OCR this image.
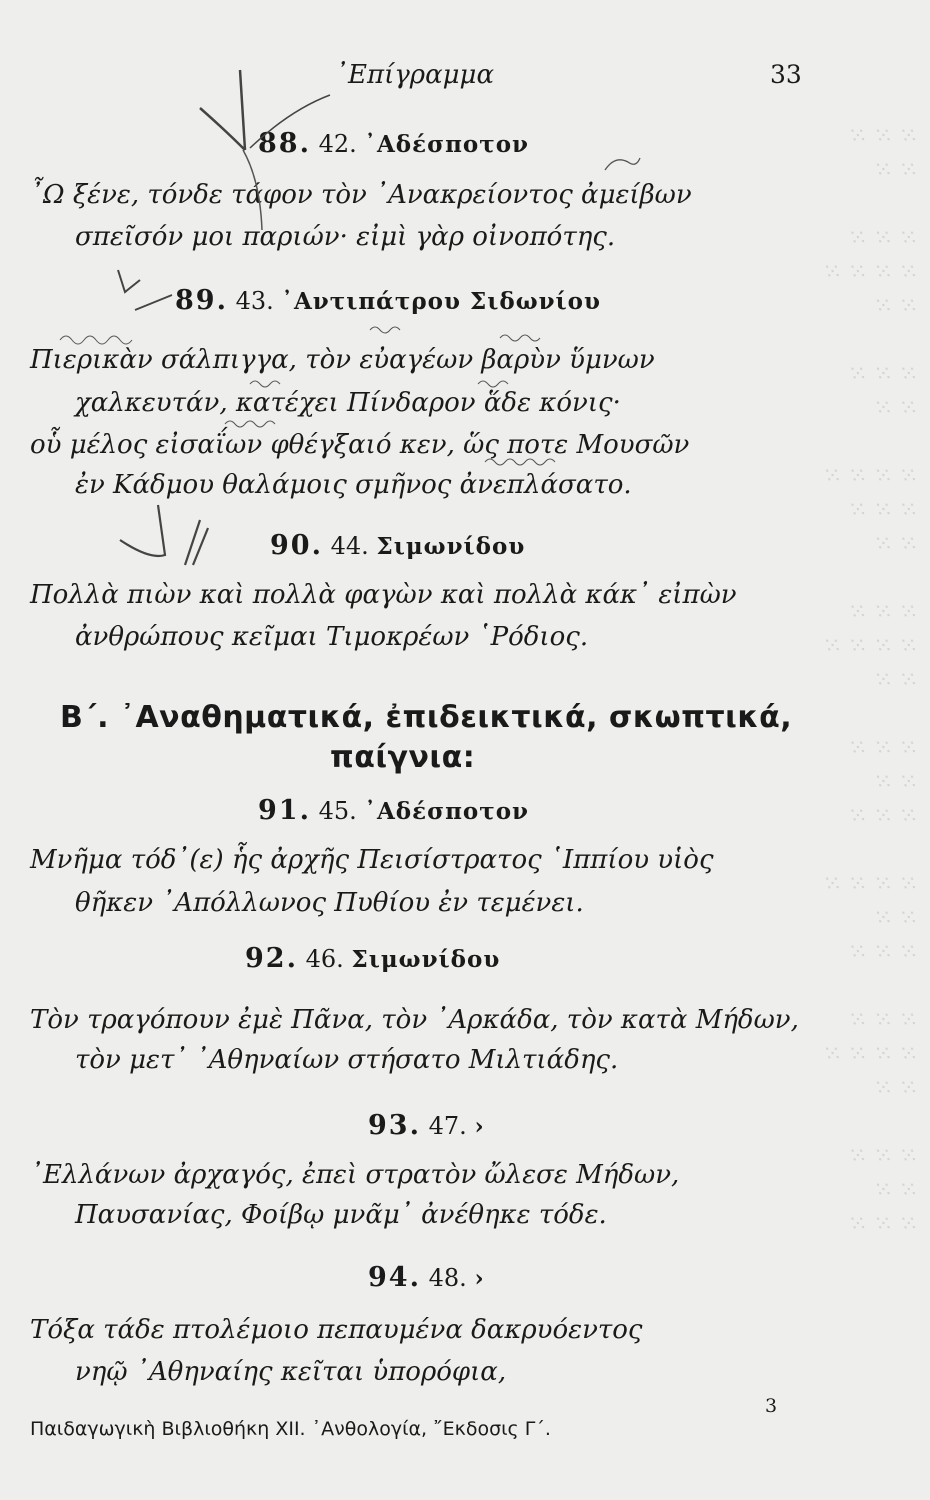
⁙ ⁙ ⁙
⁙ ⁙

⁙ ⁙ ⁙
⁙ ⁙ ⁙ ⁙
⁙ ⁙

⁙ ⁙ ⁙
⁙ ⁙

⁙ ⁙ ⁙ ⁙
⁙ ⁙ ⁙
⁙ ⁙

⁙ ⁙ ⁙
⁙ ⁙ ⁙ ⁙
⁙ ⁙

⁙ ⁙ ⁙
⁙ ⁙
⁙ ⁙ ⁙

⁙ ⁙ ⁙ ⁙
⁙ ⁙
⁙ ⁙ ⁙

⁙ ⁙ ⁙
⁙ ⁙ ⁙ ⁙
⁙ ⁙

⁙ ⁙ ⁙
⁙ ⁙
⁙ ⁙ ⁙
᾽Επίγραμμα	33
88. 42. ᾽Αδέσποτον
῏Ω ξένε, τόνδε τάφον τὸν ᾽Ανακρείοντος ἀμείβων
σπεῖσόν μοι παριών· εἰμὶ γὰρ οἰνοπότης.
89. 43. ᾽Αντιπάτρου Σιδωνίου
Πιερικὰν σάλπιγγα, τὸν εὐαγέων βαρὺν ὕμνων
χαλκευτάν, κατέχει Πίνδαρον ἅδε κόνις·
οὗ μέλος εἰσαΐων φθέγξαιό κεν, ὥς ποτε Μουσῶν
ἐν Κάδμου θαλάμοις σμῆνος ἀνεπλάσατο.
90. 44. Σιμωνίδου
Πολλὰ πιὼν καὶ πολλὰ φαγὼν καὶ πολλὰ κάκ᾽ εἰπὼν
ἀνθρώπους κεῖμαι Τιμοκρέων ῾Ρόδιος.
Β΄. ᾽Αναθηματικά, ἐπιδεικτικά, σκωπτικά,
παίγνια:
91. 45. ᾽Αδέσποτον
Μνῆμα τόδ᾽(ε) ἧς ἀρχῆς Πεισίστρατος ῾Ιππίου υἱὸς
θῆκεν ᾽Απόλλωνος Πυθίου ἐν τεμένει.
92. 46. Σιμωνίδου
Τὸν τραγόπουν ἐμὲ Πᾶνα, τὸν ᾽Αρκάδα, τὸν κατὰ Μήδων,
τὸν μετ᾽ ᾽Αθηναίων στήσατο Μιλτιάδης.
93. 47. ›
᾽Ελλάνων ἀρχαγός, ἐπεὶ στρατὸν ὤλεσε Μήδων,
Παυσανίας, Φοίβῳ μνᾶμ᾽ ἀνέθηκε τόδε.
94. 48. ›
Τόξα τάδε πτολέμοιο πεπαυμένα δακρυόεντος
νηῷ ᾽Αθηναίης κεῖται ὑπορόφια,
Παιδαγωγικὴ Βιβλιοθήκη XII. ᾽Ανθολογία, ῎Εκδοσις Γ΄.
3
